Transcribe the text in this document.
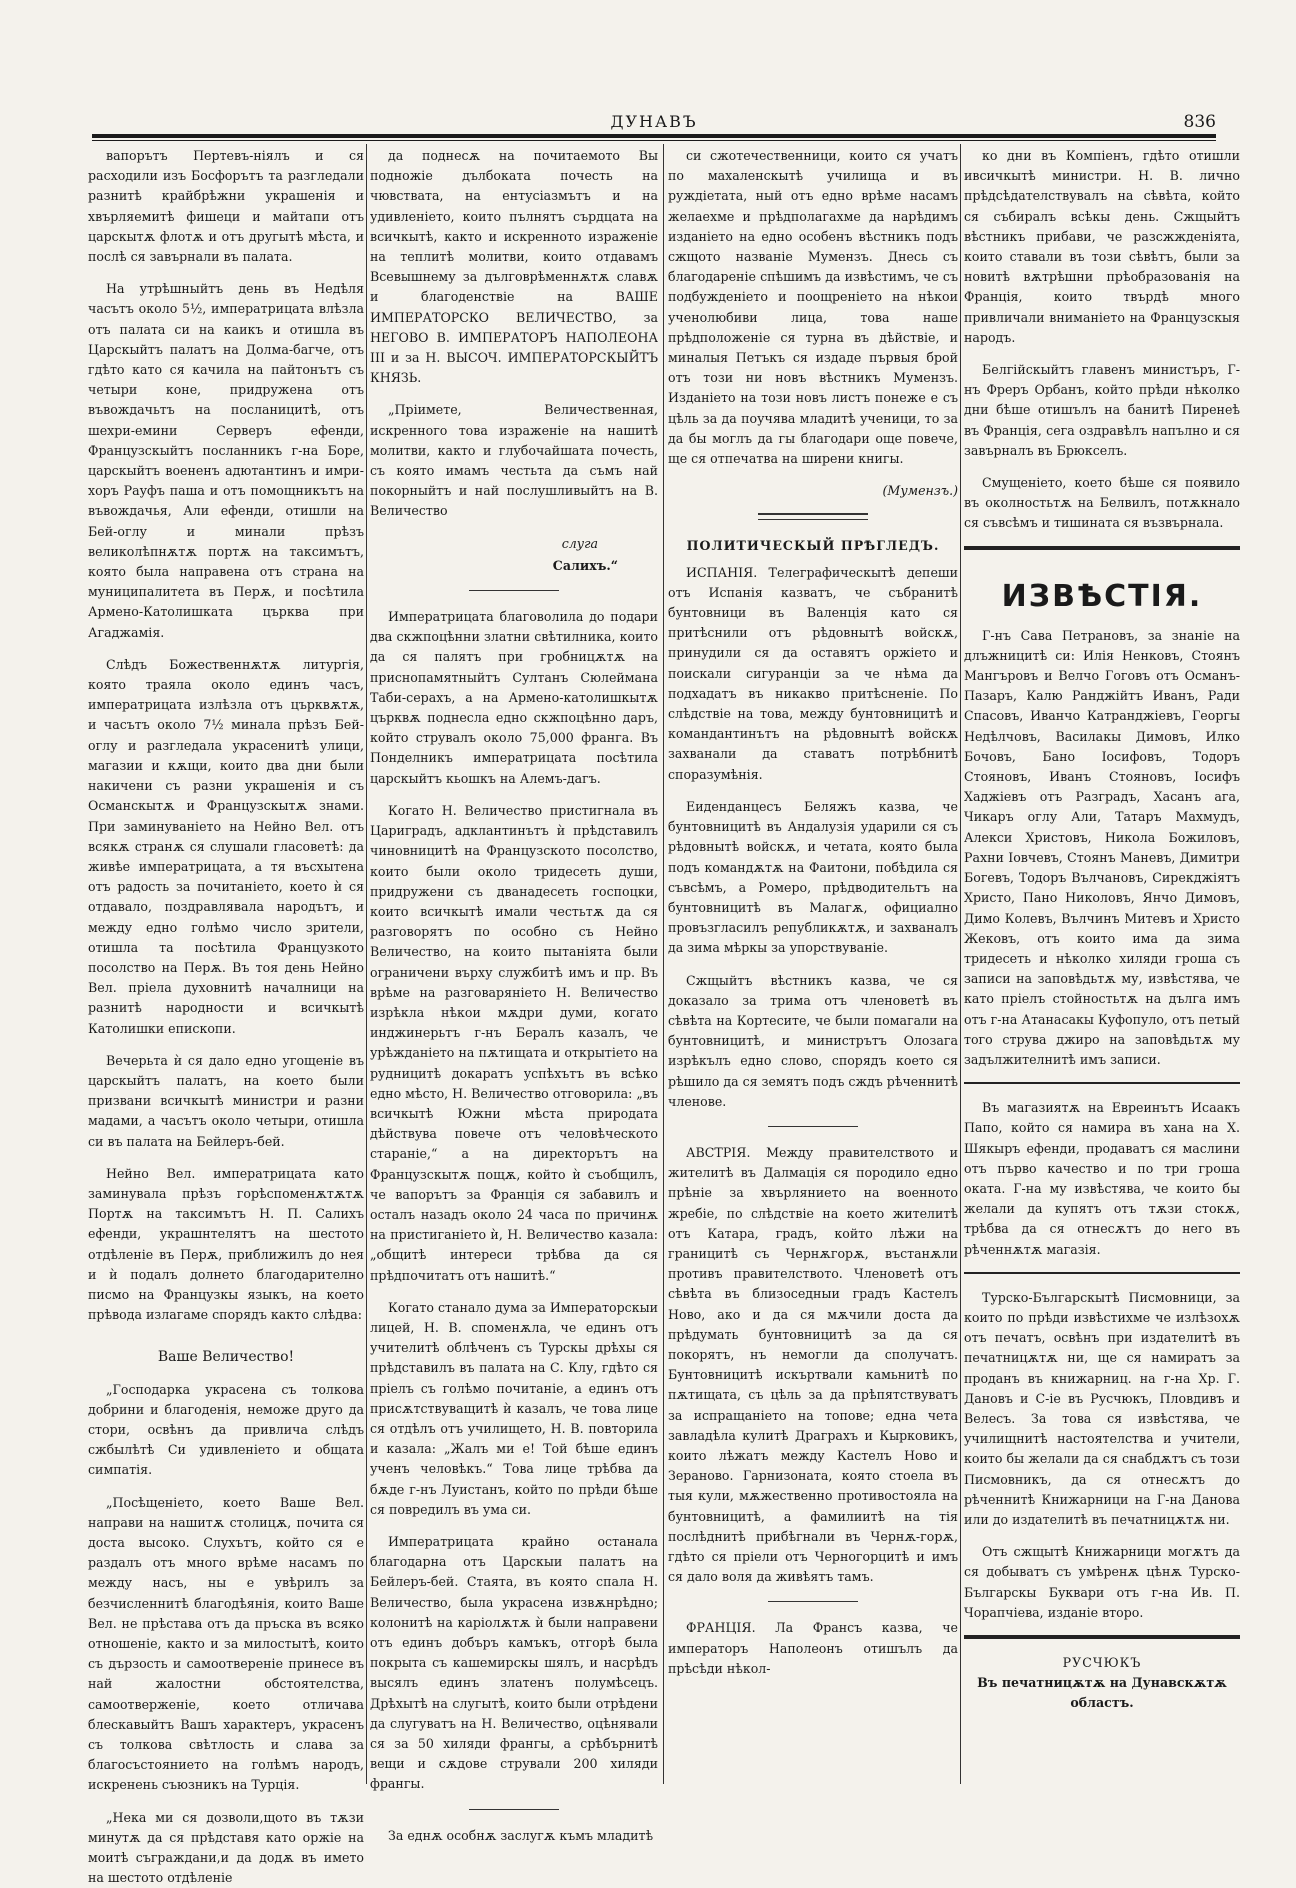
ДУНАВЪ	836

вапорътъ Пертевъ-ніялъ и ся расходили изъ Босфорътъ та разгледали разнитѣ крайбрѣжни украшенія и хвърляемитѣ фишеци и майтапи отъ царскытѫ флотѫ и отъ другытѣ мѣста, и послѣ ся завърнали въ палата.

На утрѣшныйтъ день въ Недѣля часътъ около 5½, императрицата влѣзла отъ палата си на каикъ и отишла въ Царскыйтъ палатъ на Долма-багче, отъ гдѣто като ся качила на пайтонътъ съ четыри коне, придружена отъ въвождачьтъ на посланицитѣ, отъ шехри-емини Серверъ ефенди, Французскыйтъ посланникъ г-на Боре, царскыйтъ воененъ адютантинъ и имри-хоръ Рауфъ паша и отъ помощникътъ на въвождачья, Али ефенди, отишли на Бей-оглу и минали прѣзъ великолѣпнѫтѫ портѫ на таксимътъ, която была направена отъ страна на муниципалитета въ Перѫ, и посѣтила Армено-Католишката църква при Агаджамія.

Слѣдъ Божественнѫтѫ литургія, която траяла около единъ часъ, императрицата излѣзла отъ църквѫтѫ, и часътъ около 7½ минала прѣзъ Бей-оглу и разгледала украсенитѣ улици, магазии и кѫщи, които два дни были накичени съ разни украшенія и съ Османскытѫ и Французскытѫ знами. При заминуваніето на Нейно Вел. отъ всякѫ странѫ ся слушали гласоветѣ: да живѣе императрицата, а тя въсхытена отъ радость за почитаніето, което ѝ ся отдавало, поздравлявала народътъ, и между едно голѣмо число зрители, отишла та посѣтила Французкото посолство на Перѫ. Въ тоя день Нейно Вел. пріела духовнитѣ началници на разнитѣ народности и всичкытѣ Католишки епископи.

Вечерьта ѝ ся дало едно угощеніе въ царскыйтъ палатъ, на което были призвани всичкытѣ министри и разни мадами, а часътъ около четыри, отишла си въ палата на Бейлеръ-бей.

Нейно Вел. императрицата като заминувала прѣзъ горѣспоменѫтѫтѫ Портѫ на таксимътъ Н. П. Салихъ ефенди, украшнтелятъ на шестото отдѣленіе въ Перѫ, приближилъ до нея и ѝ подалъ долнето благодарително писмо на Французкы языкъ, на което прѣвода излагаме спорядъ както слѣдва:

Ваше Величество!

„Господарка украсена съ толкова добрини и благоденія, неможе друго да стори, освѣнъ да привлича слѣдъ сжбылѣтѣ Си удивленіето и общата симпатія.

„Посѣщеніето, което Ваше Вел. направи на нашитѫ столицѫ, почита ся доста высоко. Слухътъ, който ся е раздалъ отъ много врѣме насамъ по между насъ, ны е увѣрилъ за безчисленнитѣ благодѣянія, които Ваше Вел. не прѣстава отъ да пръска въ всяко отношеніе, както и за милостытѣ, които съ дързость и самоотвереніе принесе въ най жалостни обстоятелства, самоотверженіе, което отличава блескавыйтъ Вашъ характеръ, украсенъ съ толкова свѣтлость и слава за благосъстоянието на голѣмъ народъ, искренень съюзникъ на Турція.

„Нека ми ся дозволи,щото въ тѫзи минутѫ да ся прѣдставя като оржіе на моитѣ съграждани,и да додѫ въ името на шестото отдѣленіе

да поднесѫ на почитаемото Вы подножіе дълбоката почесть на чювствата, на ентусіазмътъ и на удивленіето, които пълнятъ сърдцата на всичкытѣ, както и искренното израженіе на теплитѣ молитви, които отдавамъ Всевышнему за дълговрѣменнѫтѫ славѫ и благоденствіе на ВАШЕ ИМПЕРАТОРСКО ВЕЛИЧЕСТВО, за НЕГОВО В. ИМПЕРАТОРЪ НАПОЛЕОНА III и за Н. ВЫСОЧ. ИМПЕРАТОРСКЫЙТЪ КНЯЗЬ.

„Пріимете, Величественная, искренного това израженіе на нашитѣ молитви, както и глубочайшата почесть, съ която имамъ честьта да съмъ най покорныйтъ и най послушливыйтъ на В. Величество

слуга

Салихъ.“

Императрицата благоволила до подари два скжпоцѣнни златни свѣтилника, които да ся палятъ при гробницѫтѫ на приснопамятныйтъ Султанъ Сюлеймана Таби-серахъ, а на Армено-католишкытѫ църквѫ поднесла едно скжпоцѣнно даръ, който струвалъ около 75,000 франга. Въ Понделникъ императрицата посѣтила царскыйтъ кьошкъ на Алемъ-дагъ.

Когато Н. Величество пристигнала въ Цариградъ, адклантинътъ ѝ прѣдставилъ чиновницитѣ на Французското посолство, които были около тридесеть души, придружени съ дванадесеть госпоцки, които всичкытѣ имали честьтѫ да ся разговорятъ по особно съ Нейно Величество, на които пытаніята были ограничени върху службитѣ имъ и пр. Въ врѣме на разговаряніето Н. Величество изрѣкла нѣкои мѫдри думи, когато инджинерьтъ г-нъ Бералъ казалъ, че урѣжданіето на пѫтищата и открытіето на рудницитѣ докаратъ успѣхътъ въ всѣко едно мѣсто, Н. Величество отговорила: „въ всичкытѣ Южни мѣста природата дѣйствува повече отъ человѣческото стараніе,“ а на директорътъ на Французскытѫ пощѫ, който ѝ съобщилъ, че вапорътъ за Франція ся забавилъ и осталъ назадъ около 24 часа по причинѫ на пристиганіето ѝ, Н. Величество казала: „общитѣ интереси трѣбва да ся прѣдпочитатъ отъ нашитѣ.“

Когато станало дума за Императорскыи лицей, Н. В. споменѫла, че единъ отъ учителитѣ облѣченъ съ Турскы дрѣхы ся прѣдставилъ въ палата на С. Клу, гдѣто ся пріелъ съ голѣмо почитаніе, а единъ отъ присѫтствуващитѣ ѝ казалъ, че това лице ся отдѣлъ отъ училището, Н. В. повторила и казала: „Жалъ ми е! Той бѣше единъ ученъ человѣкъ.“ Това лице трѣбва да бѫде г-нъ Луистанъ, който по прѣди бѣше ся повредилъ въ ума си.

Императрицата крайно останала благодарна отъ Царскыи палатъ на Бейлеръ-бей. Стаята, въ която спала Н. Величество, была украсена извѫнрѣдно; колонитѣ на каріолѫтѫ ѝ были направени отъ единъ добъръ камъкъ, отгорѣ была покрыта съ кашемирскы шялъ, и насрѣдъ высялъ единъ златенъ полумѣсецъ. Дрѣхытѣ на слугытѣ, които были отрѣдени да слугуватъ на Н. Величество, оцѣнявали ся за 50 хиляди франгы, а срѣбърнитѣ вещи и сѫдове стрували 200 хиляди франгы.

За еднѫ особнѫ заслугѫ къмъ младитѣ

си сжотечественници, които ся учатъ по махаленскытѣ училища и въ руждіетата, ный отъ едно врѣме насамъ желаехме и прѣдполагахме да нарѣдимъ изданіето на едно особенъ вѣстникъ подъ сжщото названіе Мумензъ. Днесь съ благодареніе спѣшимъ да извѣстимъ, че съ подбужденіето и поощреніето на нѣкои ученолюбиви лица, това наше прѣдположеніе ся турна въ дѣйствіе, и миналыя Петъкъ ся издаде първыя брой отъ този ни новъ вѣстникъ Мумензъ. Изданіето на този новъ листъ понеже е съ цѣль за да поучява младитѣ ученици, то за да бы моглъ да гы благодари още повече, ще ся отпечатва на ширени книгы.

(Мумензъ.)

ПОЛИТИЧЕСКЫЙ ПРѢГЛЕДЪ.

ИСПАНІЯ. Телеграфическытѣ депеши отъ Испанія казватъ, че събранитѣ бунтовници въ Валенція като ся притѣснили отъ рѣдовнытѣ войскѫ, принудили ся да оставятъ оржіето и поискали сигуранціи за че нѣма да подхадатъ въ никакво притѣсненіе. По слѣдствіе на това, между бунтовницитѣ и командантинътъ на рѣдовнытѣ войскѫ захванали да ставатъ потрѣбнитѣ споразумѣнія.

Еиденданцесъ Беляжъ казва, че бунтовницитѣ въ Андалузія ударили ся съ рѣдовнытѣ войскѫ, и четата, която была подъ командѫтѫ на Фаитони, побѣдила ся съвсѣмъ, а Ромеро, прѣдводительтъ на бунтовницитѣ въ Малагѫ, официално провъзгласилъ републикѫтѫ, и захваналъ да зима мѣркы за упорствуваніе.

Сжщыйтъ вѣстникъ казва, че ся доказало за трима отъ членоветѣ въ сѣвѣта на Кортесите, че были помагали на бунтовницитѣ, и министрътъ Олозага изрѣкълъ едно слово, спорядъ което ся рѣшило да ся земятъ подъ сждъ рѣченнитѣ членове.

АВСТРІЯ. Между правителството и жителитѣ въ Далмація ся породило едно прѣніе за хвърлянието на военното жребіе, по слѣдствіе на което жителитѣ отъ Катара, градъ, който лѣжи на границитѣ съ Чернѫгорѫ, въстанѫли противъ правителството. Членоветѣ отъ сѣвѣта въ близоседныи градъ Кастелъ Ново, ако и да ся мѫчили доста да прѣдумать бунтовницитѣ за да ся покорятъ, нъ немогли да сполучатъ. Бунтовницитѣ искъртвали камьнитѣ по пѫтищата, съ цѣль за да прѣпятствуватъ за испращаніето на топове; една чета завладѣла кулитѣ Драграхъ и Кырковикъ, които лѣжатъ между Кастелъ Ново и Зераново. Гарнизоната, която стоела въ тыя кули, мѫжественно противостояла на бунтовницитѣ, а фамилиитѣ на тія послѣднитѣ прибѣгнали въ Чернѫ-горѫ, гдѣто ся пріели отъ Черногорцитѣ и имъ ся дало воля да живѣятъ тамъ.

ФРАНЦІЯ. Ла Франсъ казва, че императоръ Наполеонъ отишълъ да прѣсѣди нѣкол-

ко дни въ Компіенъ, гдѣто отишли ивсичкытѣ министри. Н. В. лично прѣдсѣдателствувалъ на сѣвѣта, който ся събиралъ всѣкы день. Сжщыйтъ вѣстникъ прибави, че разсжжденіята, които ставали въ този сѣвѣтъ, были за новитѣ вѫтрѣшни прѣобразованія на Франція, които твърдѣ много привличали вниманіето на Французскыя народъ.

Белгійскыйтъ главенъ министъръ, Г-нъ Фреръ Орбанъ, който прѣди нѣколко дни бѣше отишълъ на банитѣ Пиренеѣ въ Франція, сега оздравѣлъ напълно и ся завърналъ въ Брюкселъ.

Смущеніето, което бѣше ся появило въ околностьтѫ на Белвилъ, потѫкнало ся съвсѣмъ и тишината ся възвърнала.

ИЗВѢСТІЯ.

Г-нъ Сава Петрановъ, за знаніе на длъжницитѣ си: Илія Ненковъ, Стоянъ Мангъровъ и Велчо Гоговъ отъ Османъ-Пазаръ, Калю Ранджійтъ Иванъ, Ради Спасовъ, Иванчо Катранджіевъ, Георгы Недѣлчовъ, Василакы Димовъ, Илко Бочовъ, Бано Іосифовъ, Тодоръ Стояновъ, Иванъ Стояновъ, Іосифъ Хаджіевъ отъ Разградъ, Хасанъ ага, Чикаръ оглу Али, Татаръ Махмудъ, Алекси Христовъ, Никола Божиловъ, Рахни Іовчевъ, Стоянъ Маневъ, Димитри Богевъ, Тодоръ Вълчановъ, Сирекджіятъ Христо, Пано Николовъ, Янчо Димовъ, Димо Колевъ, Вълчинъ Митевъ и Христо Жековъ, отъ които има да зима тридесеть и нѣколко хиляди гроша съ записи на заповѣдьтѫ му, извѣстява, че като пріелъ стойностьтѫ на дълга имъ отъ г-на Атанасакы Куфопуло, отъ петый того струва джиро на заповѣдьтѫ му задължителнитѣ имъ записи.

Въ магазиятѫ на Евреинътъ Исаакъ Папо, който ся намира въ хана на Х. Шякыръ ефенди, продаватъ ся маслини отъ първо качество и по три гроша оката. Г-на му извѣстява, че които бы желали да купятъ отъ тѫзи стокѫ, трѣбва да ся отнесѫтъ до него въ рѣченнѫтѫ магазія.

Турско-Българскытѣ Писмовници, за които по прѣди извѣстихме че излѣзохѫ отъ печатъ, освѣнъ при издателитѣ въ печатницѫтѫ ни, ще ся намиратъ за проданъ въ книжарниц. на г-на Хр. Г. Дановъ и С-іе въ Русчюкъ, Пловдивъ и Велесъ. За това ся извѣстява, че училищнитѣ настоятелства и учители, които бы желали да ся снабдѫтъ съ този Писмовникъ, да ся отнесѫтъ до рѣченнитѣ Книжарници на Г-на Данова или до издателитѣ въ печатницѫтѫ ни.

Отъ сжщытѣ Книжарници могѫтъ да ся добыватъ съ умѣренѫ цѣнѫ Турско-Българскы Буквари отъ г-на Ив. П. Чорапчіева, изданіе второ.

РУСЧЮКЪ
Въ печатницѫтѫ на Дунавскѫтѫ областъ.
